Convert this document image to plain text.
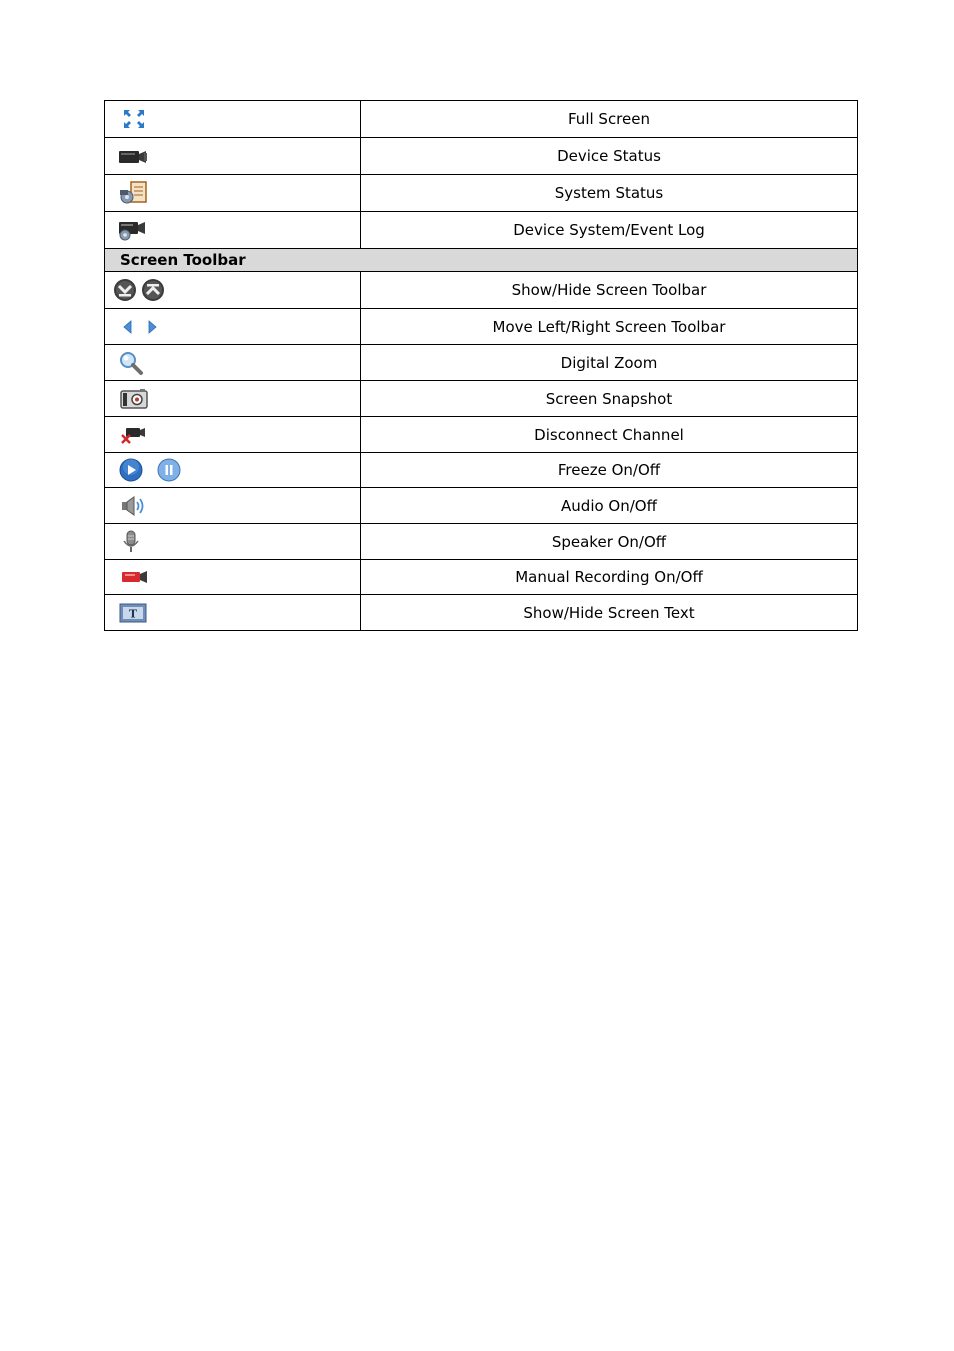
	Full Screen
	Device Status
	System Status
	Device System/Event Log
Screen Toolbar	
	Show/Hide Screen Toolbar
	Move Left/Right Screen Toolbar
	Digital Zoom
	Screen Snapshot
	Disconnect Channel
	Freeze On/Off
	Audio On/Off
	Speaker On/Off
	Manual Recording On/Off

T	Show/Hide Screen Text
